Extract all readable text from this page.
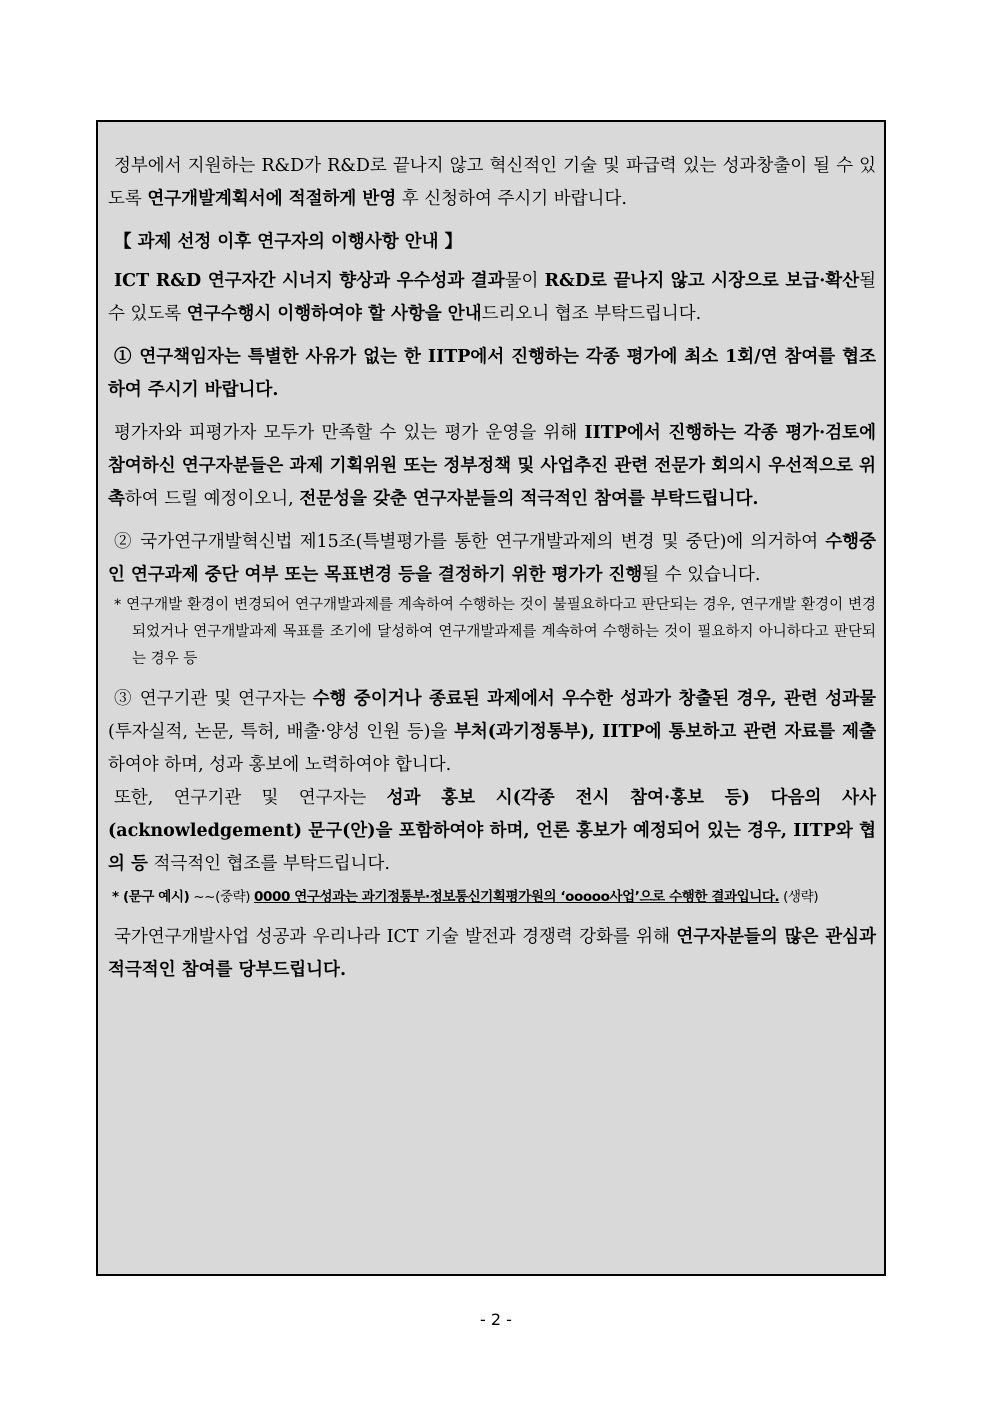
정부에서 지원하는 R&D가 R&D로 끝나지 않고 혁신적인 기술 및 파급력 있는 성과창출이 될 수 있도록 연구개발계획서에 적절하게 반영 후 신청하여 주시기 바랍니다.

【 과제 선정 이후 연구자의 이행사항 안내 】

ICT R&D 연구자간 시너지 향상과 우수성과 결과물이 R&D로 끝나지 않고 시장으로 보급·확산될 수 있도록 연구수행시 이행하여야 할 사항을 안내드리오니 협조 부탁드립니다.

① 연구책임자는 특별한 사유가 없는 한 IITP에서 진행하는 각종 평가에 최소 1회/연 참여를 협조하여 주시기 바랍니다.

평가자와 피평가자 모두가 만족할 수 있는 평가 운영을 위해 IITP에서 진행하는 각종 평가·검토에 참여하신 연구자분들은 과제 기획위원 또는 정부정책 및 사업추진 관련 전문가 회의시 우선적으로 위촉하여 드릴 예정이오니, 전문성을 갖춘 연구자분들의 적극적인 참여를 부탁드립니다.

② 국가연구개발혁신법 제15조(특별평가를 통한 연구개발과제의 변경 및 중단)에 의거하여 수행중인 연구과제 중단 여부 또는 목표변경 등을 결정하기 위한 평가가 진행될 수 있습니다.

* 연구개발 환경이 변경되어 연구개발과제를 계속하여 수행하는 것이 불필요하다고 판단되는 경우, 연구개발 환경이 변경되었거나 연구개발과제 목표를 조기에 달성하여 연구개발과제를 계속하여 수행하는 것이 필요하지 아니하다고 판단되는 경우 등

③ 연구기관 및 연구자는 수행 중이거나 종료된 과제에서 우수한 성과가 창출된 경우, 관련 성과물(투자실적, 논문, 특허, 배출·양성 인원 등)을 부처(과기정통부), IITP에 통보하고 관련 자료를 제출하여야 하며, 성과 홍보에 노력하여야 합니다.

또한, 연구기관 및 연구자는 성과 홍보 시(각종 전시 참여·홍보 등) 다음의 사사 (acknowledgement) 문구(안)을 포함하여야 하며, 언론 홍보가 예정되어 있는 경우, IITP와 협의 등 적극적인 협조를 부탁드립니다.

* (문구 예시) ~~(중략) 0000 연구성과는 과기정통부·정보통신기획평가원의 ‘ooooo사업’으로 수행한 결과입니다. (생략)

국가연구개발사업 성공과 우리나라 ICT 기술 발전과 경쟁력 강화를 위해 연구자분들의 많은 관심과 적극적인 참여를 당부드립니다.

- 2 -
